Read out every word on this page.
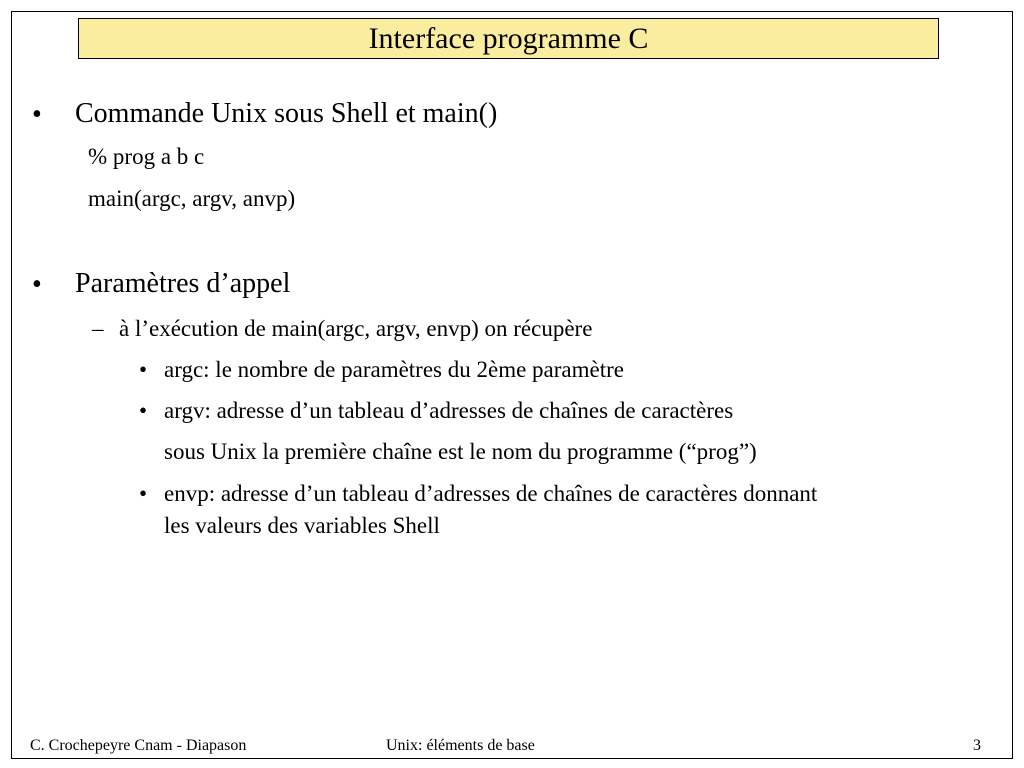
Interface programme C
• Commande Unix sous Shell et main()
% prog a b c
main(argc, argv, anvp)
• Paramètres d’appel
– à l’exécution de main(argc, argv, envp) on récupère
• argc: le nombre de paramètres du 2ème paramètre
• argv: adresse d’un tableau d’adresses de chaînes de caractères
sous Unix la première chaîne est le nom du programme (“prog”)
• envp: adresse d’un tableau d’adresses de chaînes de caractères donnant
les valeurs des variables Shell
C. Crochepeyre Cnam - Diapason	Unix: éléments de base	3
